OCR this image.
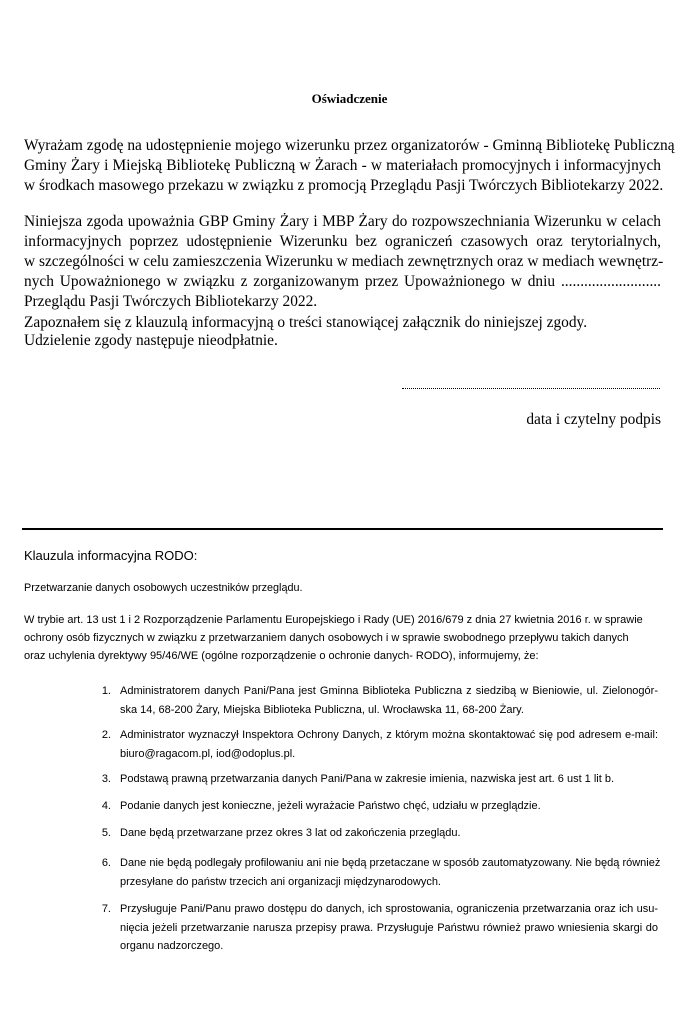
Oświadczenie
Wyrażam zgodę na udostępnienie mojego wizerunku przez organizatorów - Gminną Bibliotekę Publiczną
Gminy Żary i Miejską Bibliotekę Publiczną w Żarach - w materiałach promocyjnych i informacyjnych
w środkach masowego przekazu w związku z promocją Przeglądu Pasji Twórczych Bibliotekarzy 2022.
Niniejsza zgoda upoważnia GBP Gminy Żary i MBP Żary do rozpowszechniania Wizerunku w celach
informacyjnych poprzez udostępnienie Wizerunku bez ograniczeń czasowych oraz terytorialnych,
w szczególności w celu zamieszczenia Wizerunku w mediach zewnętrznych oraz w mediach wewnętrz-
nych Upoważnionego w związku z zorganizowanym przez Upoważnionego w dniu ..........................
Przeglądu Pasji Twórczych Bibliotekarzy 2022.
Zapoznałem się z klauzulą informacyjną o treści stanowiącej załącznik do niniejszej zgody.
Udzielenie zgody następuje nieodpłatnie.
data i czytelny podpis
Klauzula informacyjna RODO:
Przetwarzanie danych osobowych uczestników przeglądu.
W trybie art. 13 ust 1 i 2 Rozporządzenie Parlamentu Europejskiego i Rady (UE) 2016/679 z dnia 27 kwietnia 2016 r. w sprawie
ochrony osób fizycznych w związku z przetwarzaniem danych osobowych i w sprawie swobodnego przepływu takich danych
oraz uchylenia dyrektywy 95/46/WE (ogólne rozporządzenie o ochronie danych- RODO), informujemy, że:
1. Administratorem danych Pani/Pana jest Gminna Biblioteka Publiczna z siedzibą w Bieniowie, ul. Zielonogór-
ska 14, 68-200 Żary, Miejska Biblioteka Publiczna, ul. Wrocławska 11, 68-200 Żary.
2. Administrator wyznaczył Inspektora Ochrony Danych, z którym można skontaktować się pod adresem e-mail:
biuro@ragacom.pl, iod@odoplus.pl.
3. Podstawą prawną przetwarzania danych Pani/Pana w zakresie imienia, nazwiska jest art. 6 ust 1 lit b.
4. Podanie danych jest konieczne, jeżeli wyrażacie Państwo chęć, udziału w przeglądzie.
5. Dane będą przetwarzane przez okres 3 lat od zakończenia przeglądu.
6. Dane nie będą podlegały profilowaniu ani nie będą przetaczane w sposób zautomatyzowany. Nie będą również
przesyłane do państw trzecich ani organizacji międzynarodowych.
7. Przysługuje Pani/Panu prawo dostępu do danych, ich sprostowania, ograniczenia przetwarzania oraz ich usu-
nięcia jeżeli przetwarzanie narusza przepisy prawa. Przysługuje Państwu również prawo wniesienia skargi do
organu nadzorczego.
